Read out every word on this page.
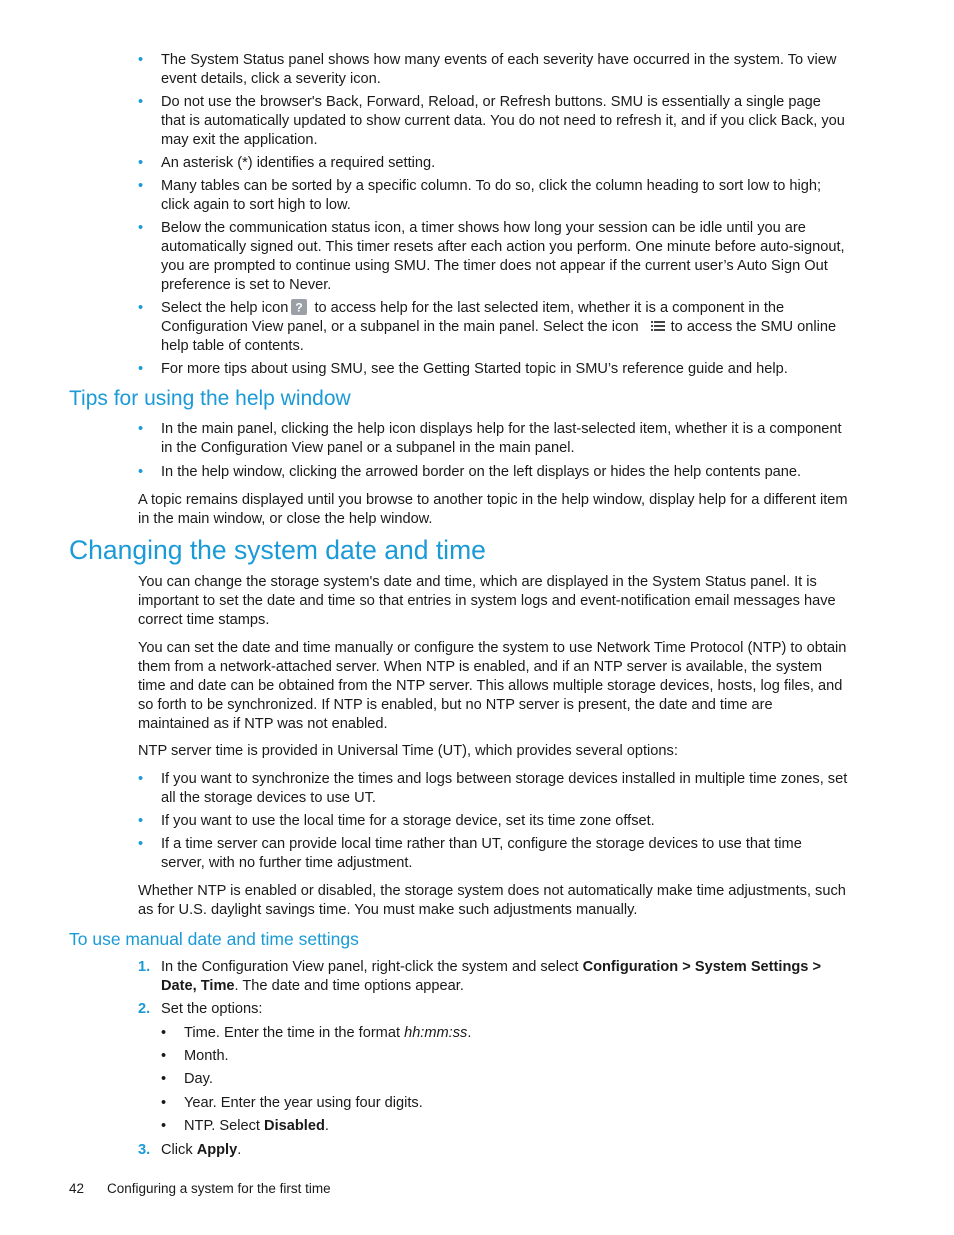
• The System Status panel shows how many events of each severity have occurred in the system. To view event details, click a severity icon.
• Do not use the browser's Back, Forward, Reload, or Refresh buttons. SMU is essentially a single page that is automatically updated to show current data. You do not need to refresh it, and if you click Back, you may exit the application.
• An asterisk (*) identifies a required setting.
• Many tables can be sorted by a specific column. To do so, click the column heading to sort low to high; click again to sort high to low.
• Below the communication status icon, a timer shows how long your session can be idle until you are automatically signed out. This timer resets after each action you perform. One minute before auto-signout, you are prompted to continue using SMU. The timer does not appear if the current user’s Auto Sign Out preference is set to Never.
• Select the help icon ? to access help for the last selected item, whether it is a component in the Configuration View panel, or a subpanel in the main panel. Select the icon to access the SMU online help table of contents.
• For more tips about using SMU, see the Getting Started topic in SMU’s reference guide and help.
Tips for using the help window
• In the main panel, clicking the help icon displays help for the last-selected item, whether it is a component in the Configuration View panel or a subpanel in the main panel.
• In the help window, clicking the arrowed border on the left displays or hides the help contents pane.

A topic remains displayed until you browse to another topic in the help window, display help for a different item in the main window, or close the help window.

Changing the system date and time

You can change the storage system's date and time, which are displayed in the System Status panel. It is important to set the date and time so that entries in system logs and event-notification email messages have correct time stamps.

You can set the date and time manually or configure the system to use Network Time Protocol (NTP) to obtain them from a network-attached server. When NTP is enabled, and if an NTP server is available, the system time and date can be obtained from the NTP server. This allows multiple storage devices, hosts, log files, and so forth to be synchronized. If NTP is enabled, but no NTP server is present, the date and time are maintained as if NTP was not enabled.

NTP server time is provided in Universal Time (UT), which provides several options:

• If you want to synchronize the times and logs between storage devices installed in multiple time zones, set all the storage devices to use UT.
• If you want to use the local time for a storage device, set its time zone offset.
• If a time server can provide local time rather than UT, configure the storage devices to use that time server, with no further time adjustment.

Whether NTP is enabled or disabled, the storage system does not automatically make time adjustments, such as for U.S. daylight savings time. You must make such adjustments manually.

To use manual date and time settings
1. In the Configuration View panel, right-click the system and select Configuration > System Settings > Date, Time. The date and time options appear.
2. Set the options:
• Time. Enter the time in the format hh:mm:ss.
• Month.
• Day.
• Year. Enter the year using four digits.
• NTP. Select Disabled.
3. Click Apply.
42 Configuring a system for the first time
